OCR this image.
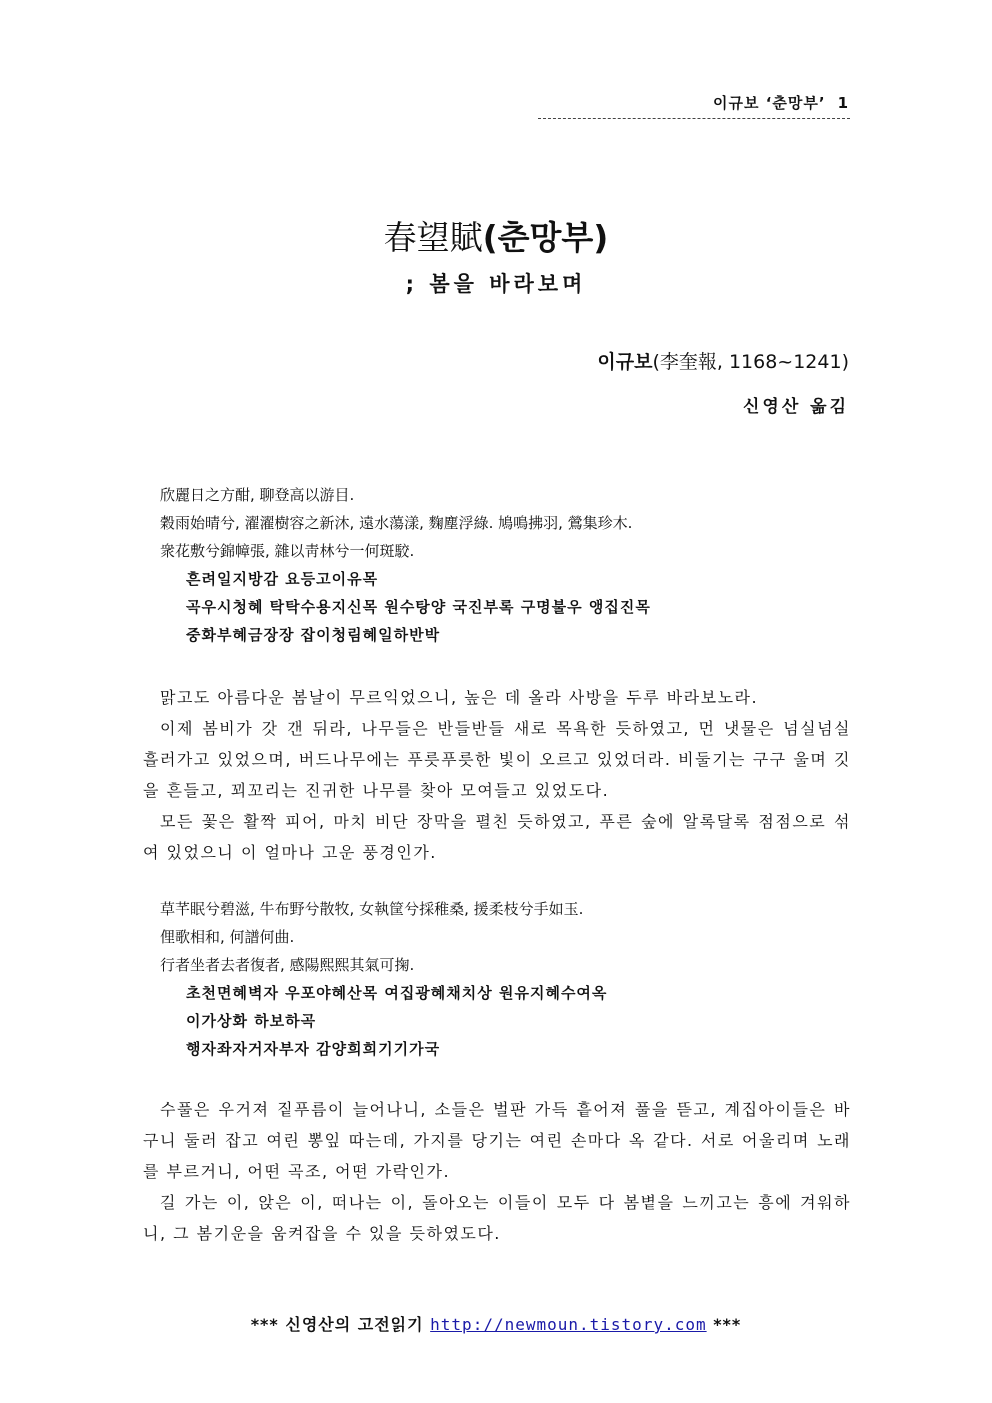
이규보 ‘춘망부’ 1
春望賦(춘망부)
; 봄을 바라보며
이규보(李奎報, 1168~1241)
신영산 옮김
欣麗日之方酣, 聊登高以游目.
穀雨始晴兮, 濯濯樹容之新沐, 遠水蕩漾, 麴塵浮綠. 鳩鳴拂羽, 鶯集珍木.
衆花敷兮錦幛張, 雜以靑林兮一何斑駮.
흔려일지방감 요등고이유목
곡우시청혜 탁탁수용지신목 원수탕양 국진부록 구명불우 앵집진목
중화부혜금장장 잡이청림혜일하반박

맑고도 아름다운 봄날이 무르익었으니, 높은 데 올라 사방을 두루 바라보노라.

이제 봄비가 갓 갠 뒤라, 나무들은 반들반들 새로 목욕한 듯하였고, 먼 냇물은 넘실넘실 흘러가고 있었으며, 버드나무에는 푸릇푸릇한 빛이 오르고 있었더라. 비둘기는 구구 울며 깃을 흔들고, 꾀꼬리는 진귀한 나무를 찾아 모여들고 있었도다.

모든 꽃은 활짝 피어, 마치 비단 장막을 펼친 듯하였고, 푸른 숲에 알록달록 점점으로 섞여 있었으니 이 얼마나 고운 풍경인가.

草芊眠兮碧滋, 牛布野兮散牧, 女執筐兮採稚桑, 援柔枝兮手如玉.
俚歌相和, 何譜何曲.
行者坐者去者復者, 感陽熙熙其氣可掬.
초천면혜벽자 우포야혜산목 여집광혜채치상 원유지혜수여옥
이가상화 하보하곡
행자좌자거자부자 감양희희기기가국

수풀은 우거져 짙푸름이 늘어나니, 소들은 벌판 가득 흩어져 풀을 뜯고, 계집아이들은 바구니 둘러 잡고 여린 뽕잎 따는데, 가지를 당기는 여린 손마다 옥 같다. 서로 어울리며 노래를 부르거니, 어떤 곡조, 어떤 가락인가.

길 가는 이, 앉은 이, 떠나는 이, 돌아오는 이들이 모두 다 봄볕을 느끼고는 흥에 겨워하니, 그 봄기운을 움켜잡을 수 있을 듯하였도다.

*** 신영산의 고전읽기 http://newmoun.tistory.com ***
